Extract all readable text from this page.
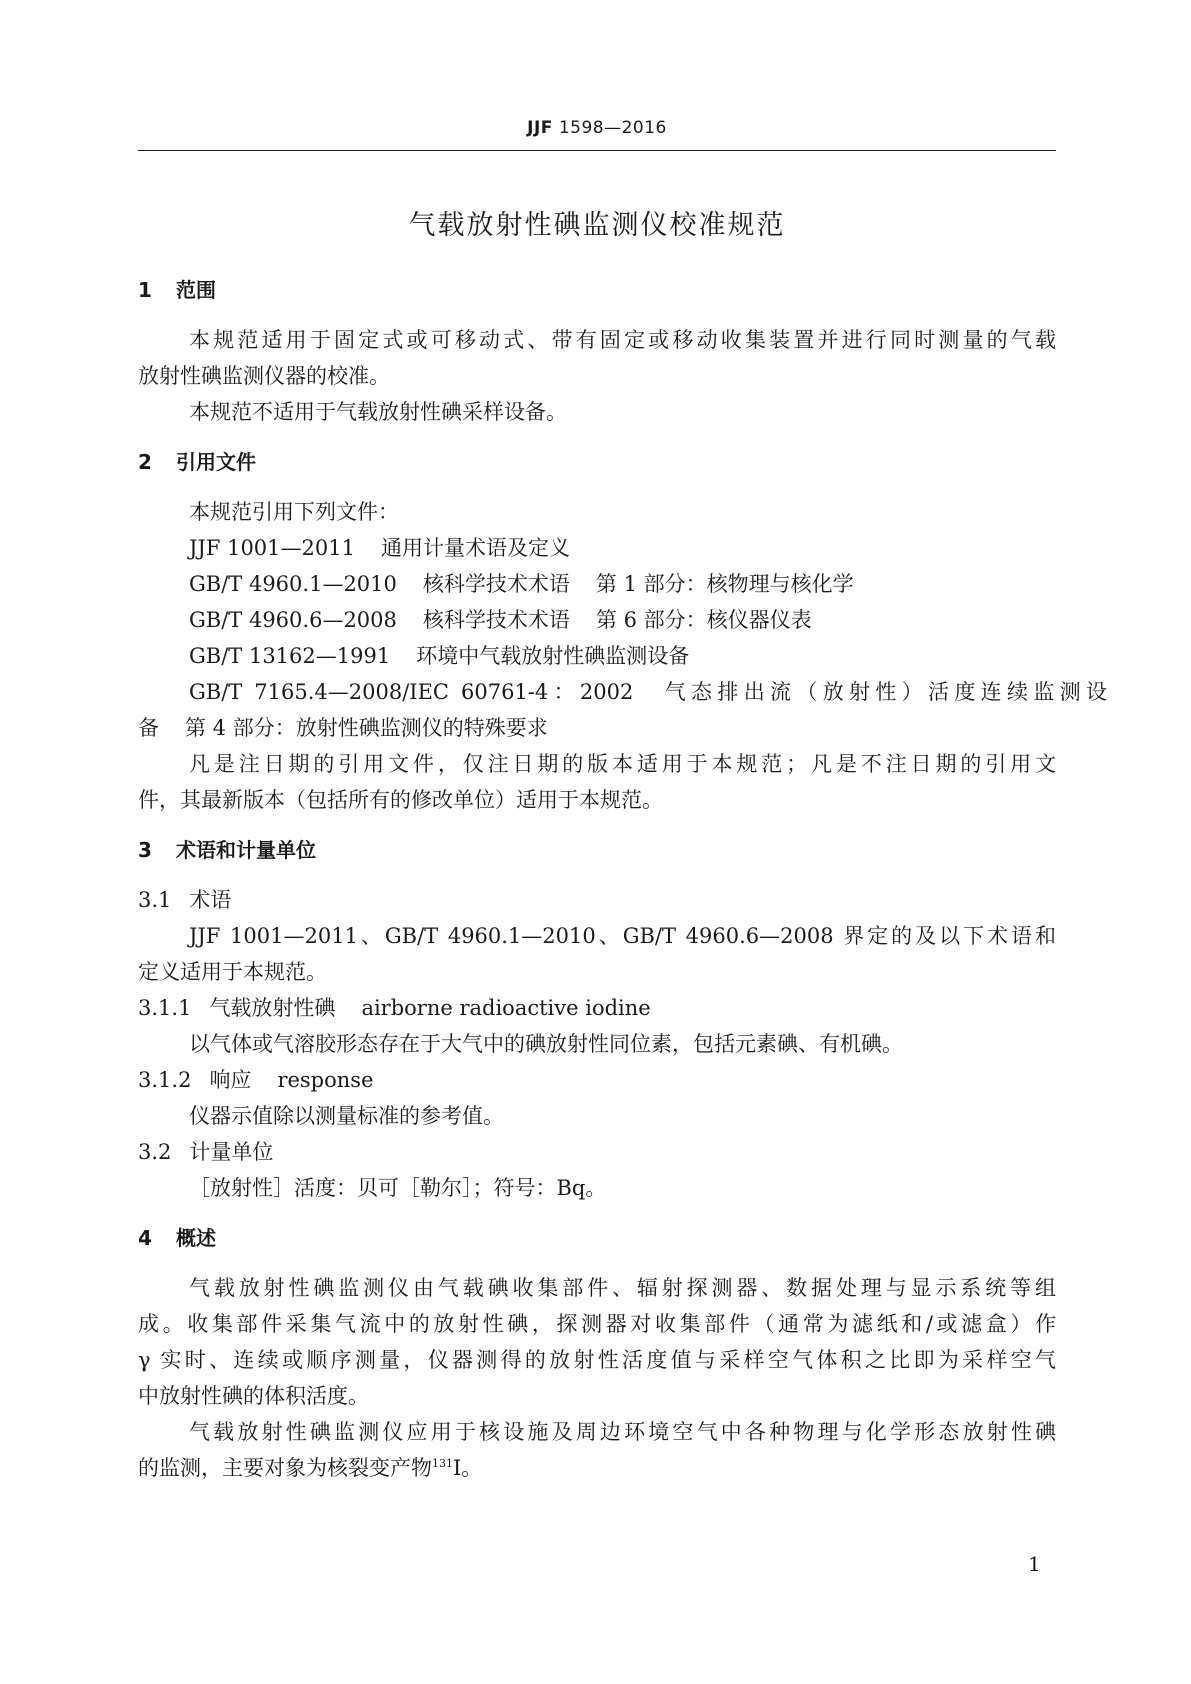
JJF 1598—2016
气载放射性碘监测仪校准规范
1 范围
本规范适用于固定式或可移动式、带有固定或移动收集装置并进行同时测量的气载
放射性碘监测仪器的校准。
本规范不适用于气载放射性碘采样设备。
2 引用文件
本规范引用下列文件：
JJF 1001—2011 通用计量术语及定义
GB/T 4960.1—2010 核科学技术术语 第 1 部分：核物理与核化学
GB/T 4960.6—2008 核科学技术术语 第 6 部分：核仪器仪表
GB/T 13162—1991 环境中气载放射性碘监测设备
GB/T 7165.4—2008/IEC 60761-4：2002 气态排出流（放射性）活度连续监测设
备 第 4 部分：放射性碘监测仪的特殊要求
凡是注日期的引用文件，仅注日期的版本适用于本规范；凡是不注日期的引用文
件，其最新版本（包括所有的修改单位）适用于本规范。
3 术语和计量单位
3.1 术语
JJF 1001—2011、GB/T 4960.1—2010、GB/T 4960.6—2008 界定的及以下术语和
定义适用于本规范。
3.1.1 气载放射性碘 airborne radioactive iodine
以气体或气溶胶形态存在于大气中的碘放射性同位素，包括元素碘、有机碘。
3.1.2 响应 response
仪器示值除以测量标准的参考值。
3.2 计量单位
［放射性］活度：贝可［勒尔］；符号：Bq。
4 概述
气载放射性碘监测仪由气载碘收集部件、辐射探测器、数据处理与显示系统等组
成。收集部件采集气流中的放射性碘，探测器对收集部件（通常为滤纸和/或滤盒）作
γ 实时、连续或顺序测量，仪器测得的放射性活度值与采样空气体积之比即为采样空气
中放射性碘的体积活度。
气载放射性碘监测仪应用于核设施及周边环境空气中各种物理与化学形态放射性碘
的监测，主要对象为核裂变产物$^{131}$I。
1
